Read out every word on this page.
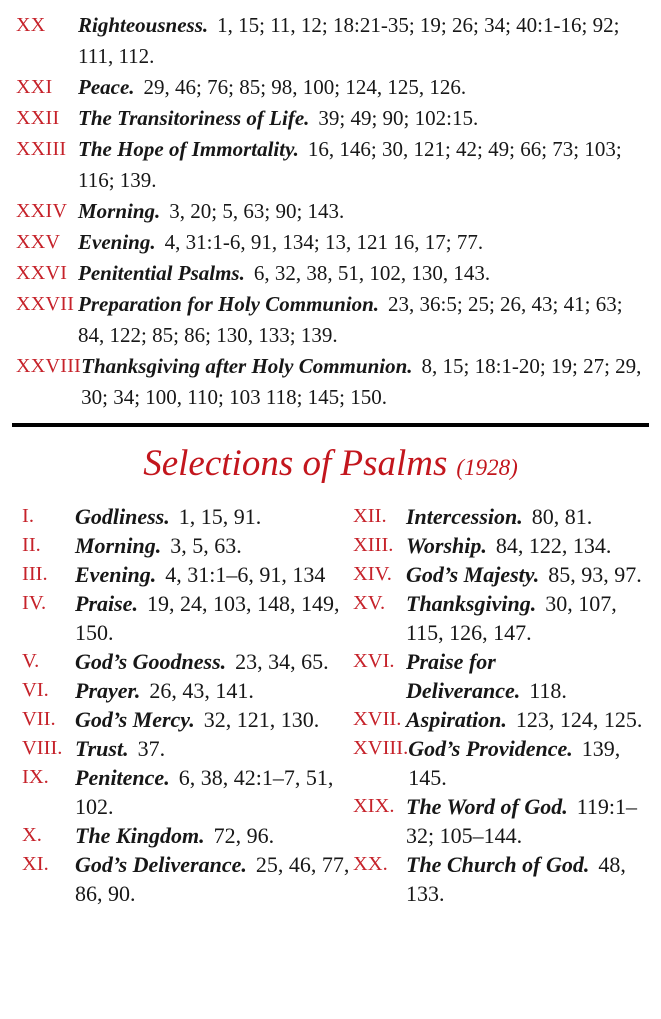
XX	Righteousness. 1, 15; 11, 12; 18:21-35; 19; 26; 34; 40:1-16; 92; 111, 112.
XXI	Peace. 29, 46; 76; 85; 98, 100; 124, 125, 126.
XXII The Transitoriness of Life. 39; 49; 90; 102:15.
XXIII The Hope of Immortality. 16, 146; 30, 121; 42; 49; 66; 73; 103; 116; 139.
XXIV Morning. 3, 20; 5, 63; 90; 143.
XXV Evening. 4, 31:1-6, 91, 134; 13, 121 16, 17; 77.
XXVI Penitential Psalms. 6, 32, 38, 51, 102, 130, 143.
XXVII Preparation for Holy Communion. 23, 36:5; 25; 26, 43; 41; 63; 84, 122; 85; 86; 130, 133; 139.
XXVIII Thanksgiving after Holy Communion. 8, 15; 18:1-20; 19; 27; 29, 30; 34; 100, 110; 103 118; 145; 150.
Selections of Psalms (1928)
I.	Godliness. 1, 15, 91.
II.	Morning. 3, 5, 63.
III.	Evening. 4, 31:1–6, 91, 134
IV.	Praise. 19, 24, 103, 148, 149, 150.
V.	God’s Goodness. 23, 34, 65.
VI.	Prayer. 26, 43, 141.
VII. God’s Mercy. 32, 121, 130.
VIII. Trust. 37.
IX.	Penitence. 6, 38, 42:1–7, 51, 102.
X.	The Kingdom. 72, 96.
XI.	God’s Deliverance. 25, 46, 77, 86, 90.
XII. Intercession. 80, 81.
XIII. Worship. 84, 122, 134.
XIV. God’s Majesty. 85, 93, 97.
XV. Thanksgiving. 30, 107, 115, 126, 147.
XVI. Praise for Deliverance. 118.
XVII. Aspiration. 123, 124, 125.
XVIII. God’s Providence. 139, 145.
XIX. The Word of God. 119:1–32; 105–144.
XX. The Church of God. 48, 133.
